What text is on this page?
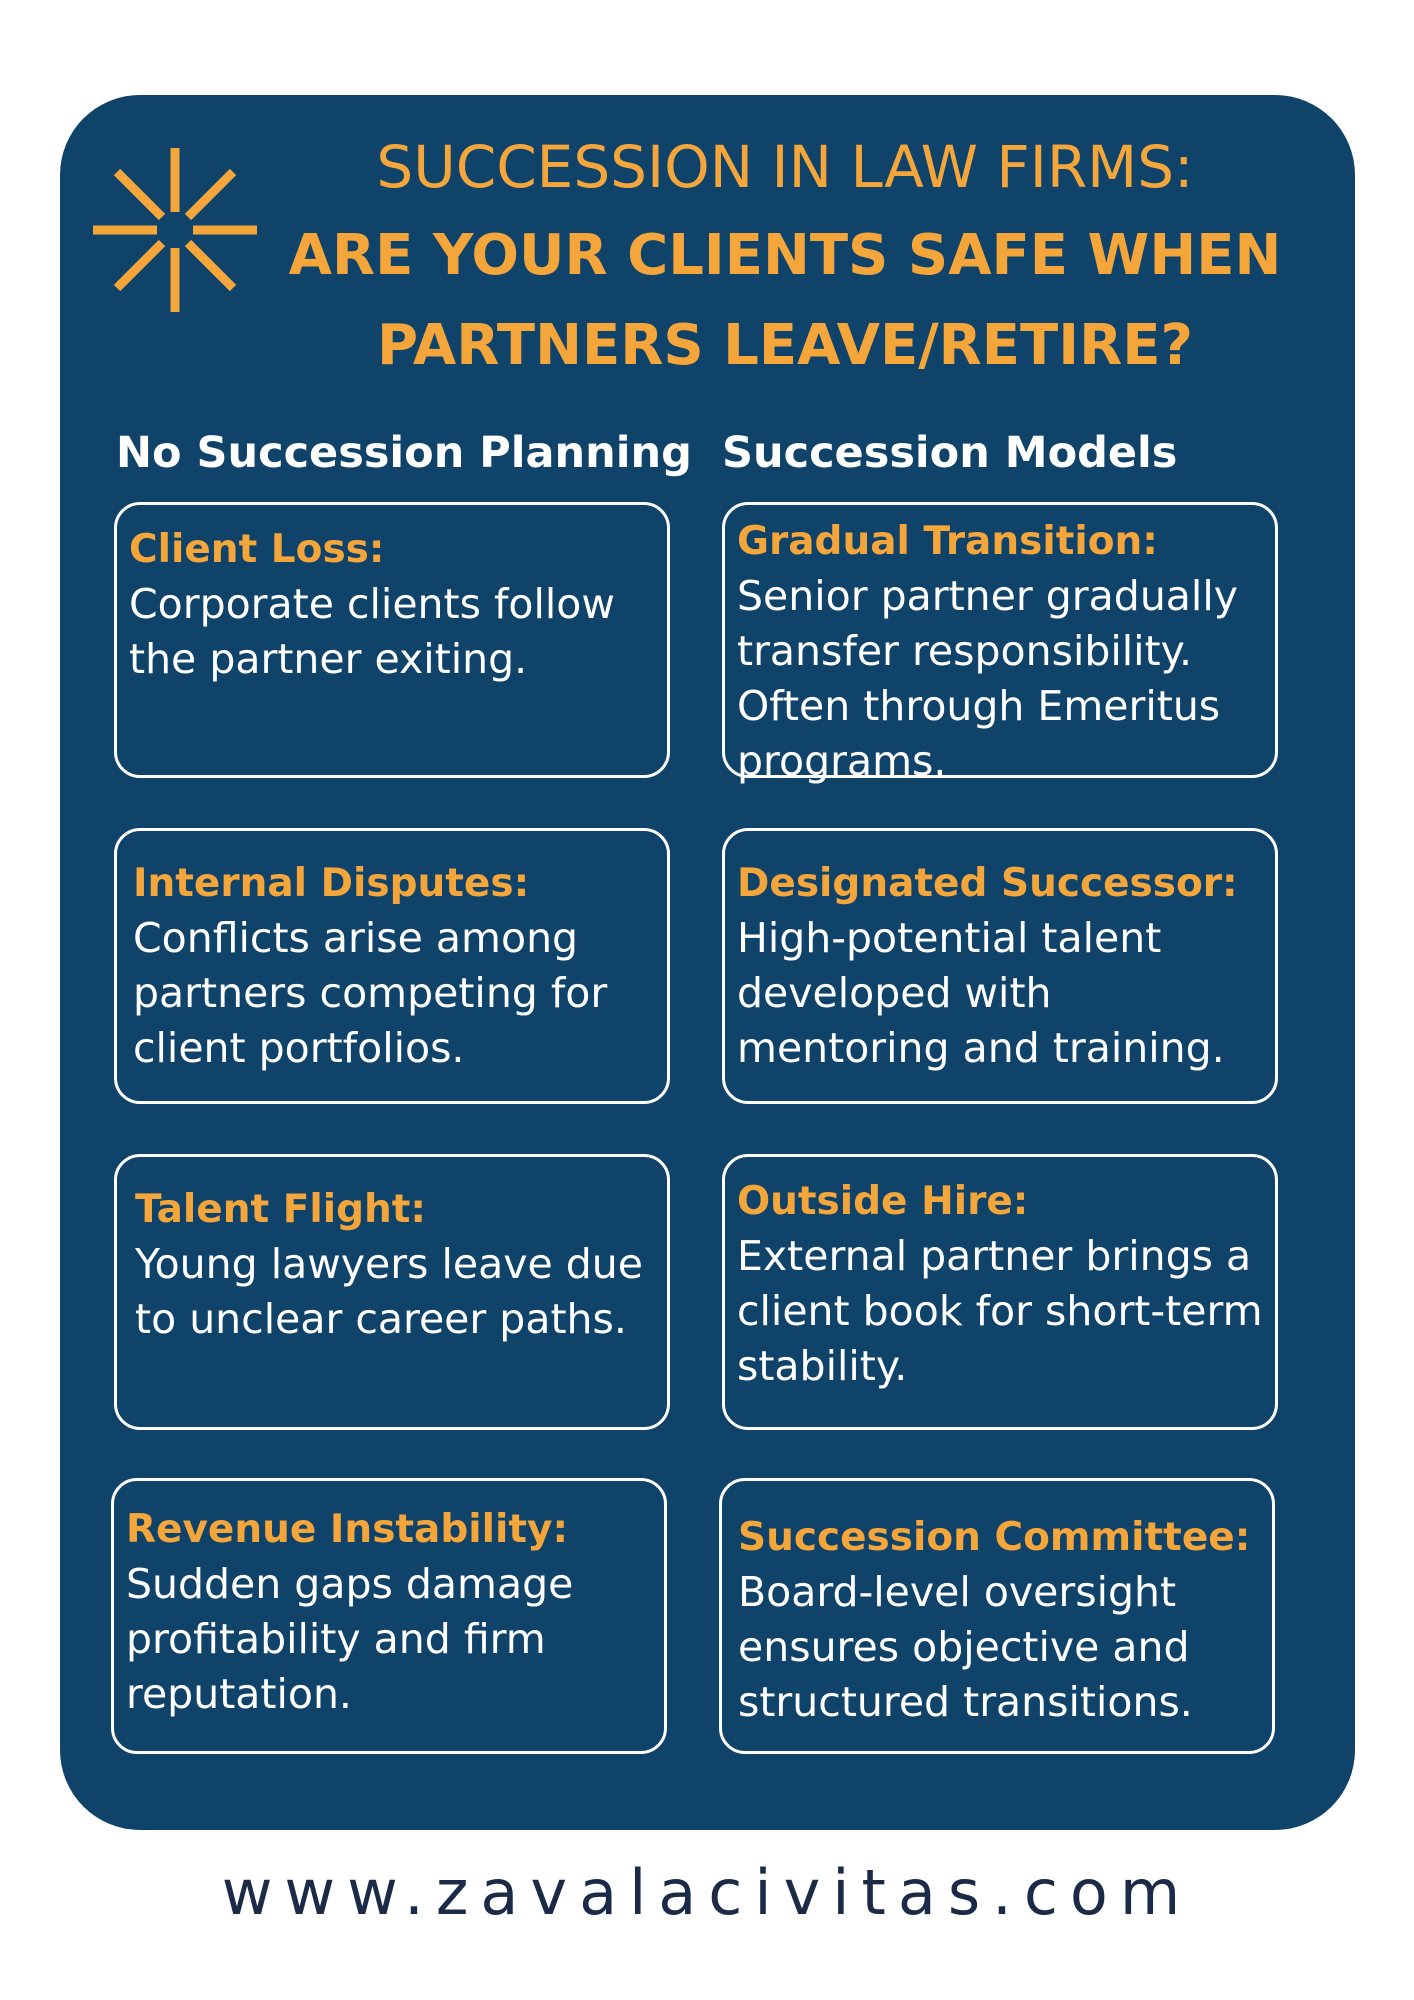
SUCCESSION IN LAW FIRMS:
ARE YOUR CLIENTS SAFE WHEN
PARTNERS LEAVE/RETIRE?
No Succession Planning Succession Models
Client Loss:
Corporate clients follow the partner exiting.
Internal Disputes:
Conflicts arise among partners competing for client portfolios.
Talent Flight:
Young lawyers leave due to unclear career paths.
Revenue Instability:
Sudden gaps damage profitability and firm reputation.
Gradual Transition:
Senior partner gradually transfer responsibility. Often through Emeritus programs.
Designated Successor:
High-potential talent developed with mentoring and training.
Outside Hire:
External partner brings a client book for short-term stability.
Succession Committee:
Board-level oversight ensures objective and structured transitions.
www.zavalacivitas.com
